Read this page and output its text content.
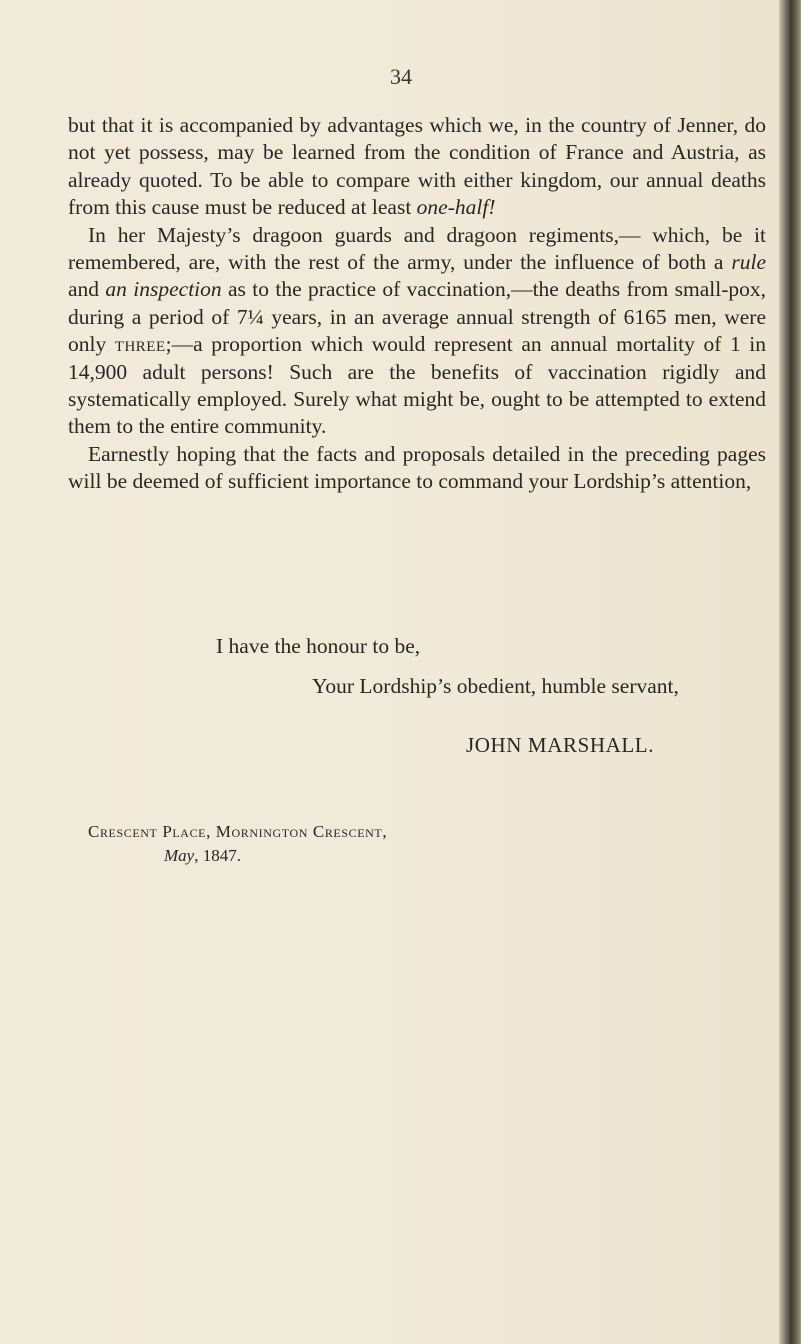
34

but that it is accompanied by advantages which we, in the country of Jenner, do not yet possess, may be learned from the condition of France and Austria, as already quoted. To be able to compare with either kingdom, our annual deaths from this cause must be reduced at least one-half!

In her Majesty’s dragoon guards and dragoon regiments,— which, be it remembered, are, with the rest of the army, under the influence of both a rule and an inspection as to the practice of vaccination,—the deaths from small-pox, during a period of 7¼ years, in an average annual strength of 6165 men, were only three;—a proportion which would represent an annual mortality of 1 in 14,900 adult persons! Such are the benefits of vaccination rigidly and systematically employed. Surely what might be, ought to be attempted to extend them to the entire community.

Earnestly hoping that the facts and proposals detailed in the preceding pages will be deemed of sufficient importance to command your Lordship’s attention,

I have the honour to be,
Your Lordship’s obedient, humble servant,
JOHN MARSHALL.
Crescent Place, Mornington Crescent,
May, 1847.
